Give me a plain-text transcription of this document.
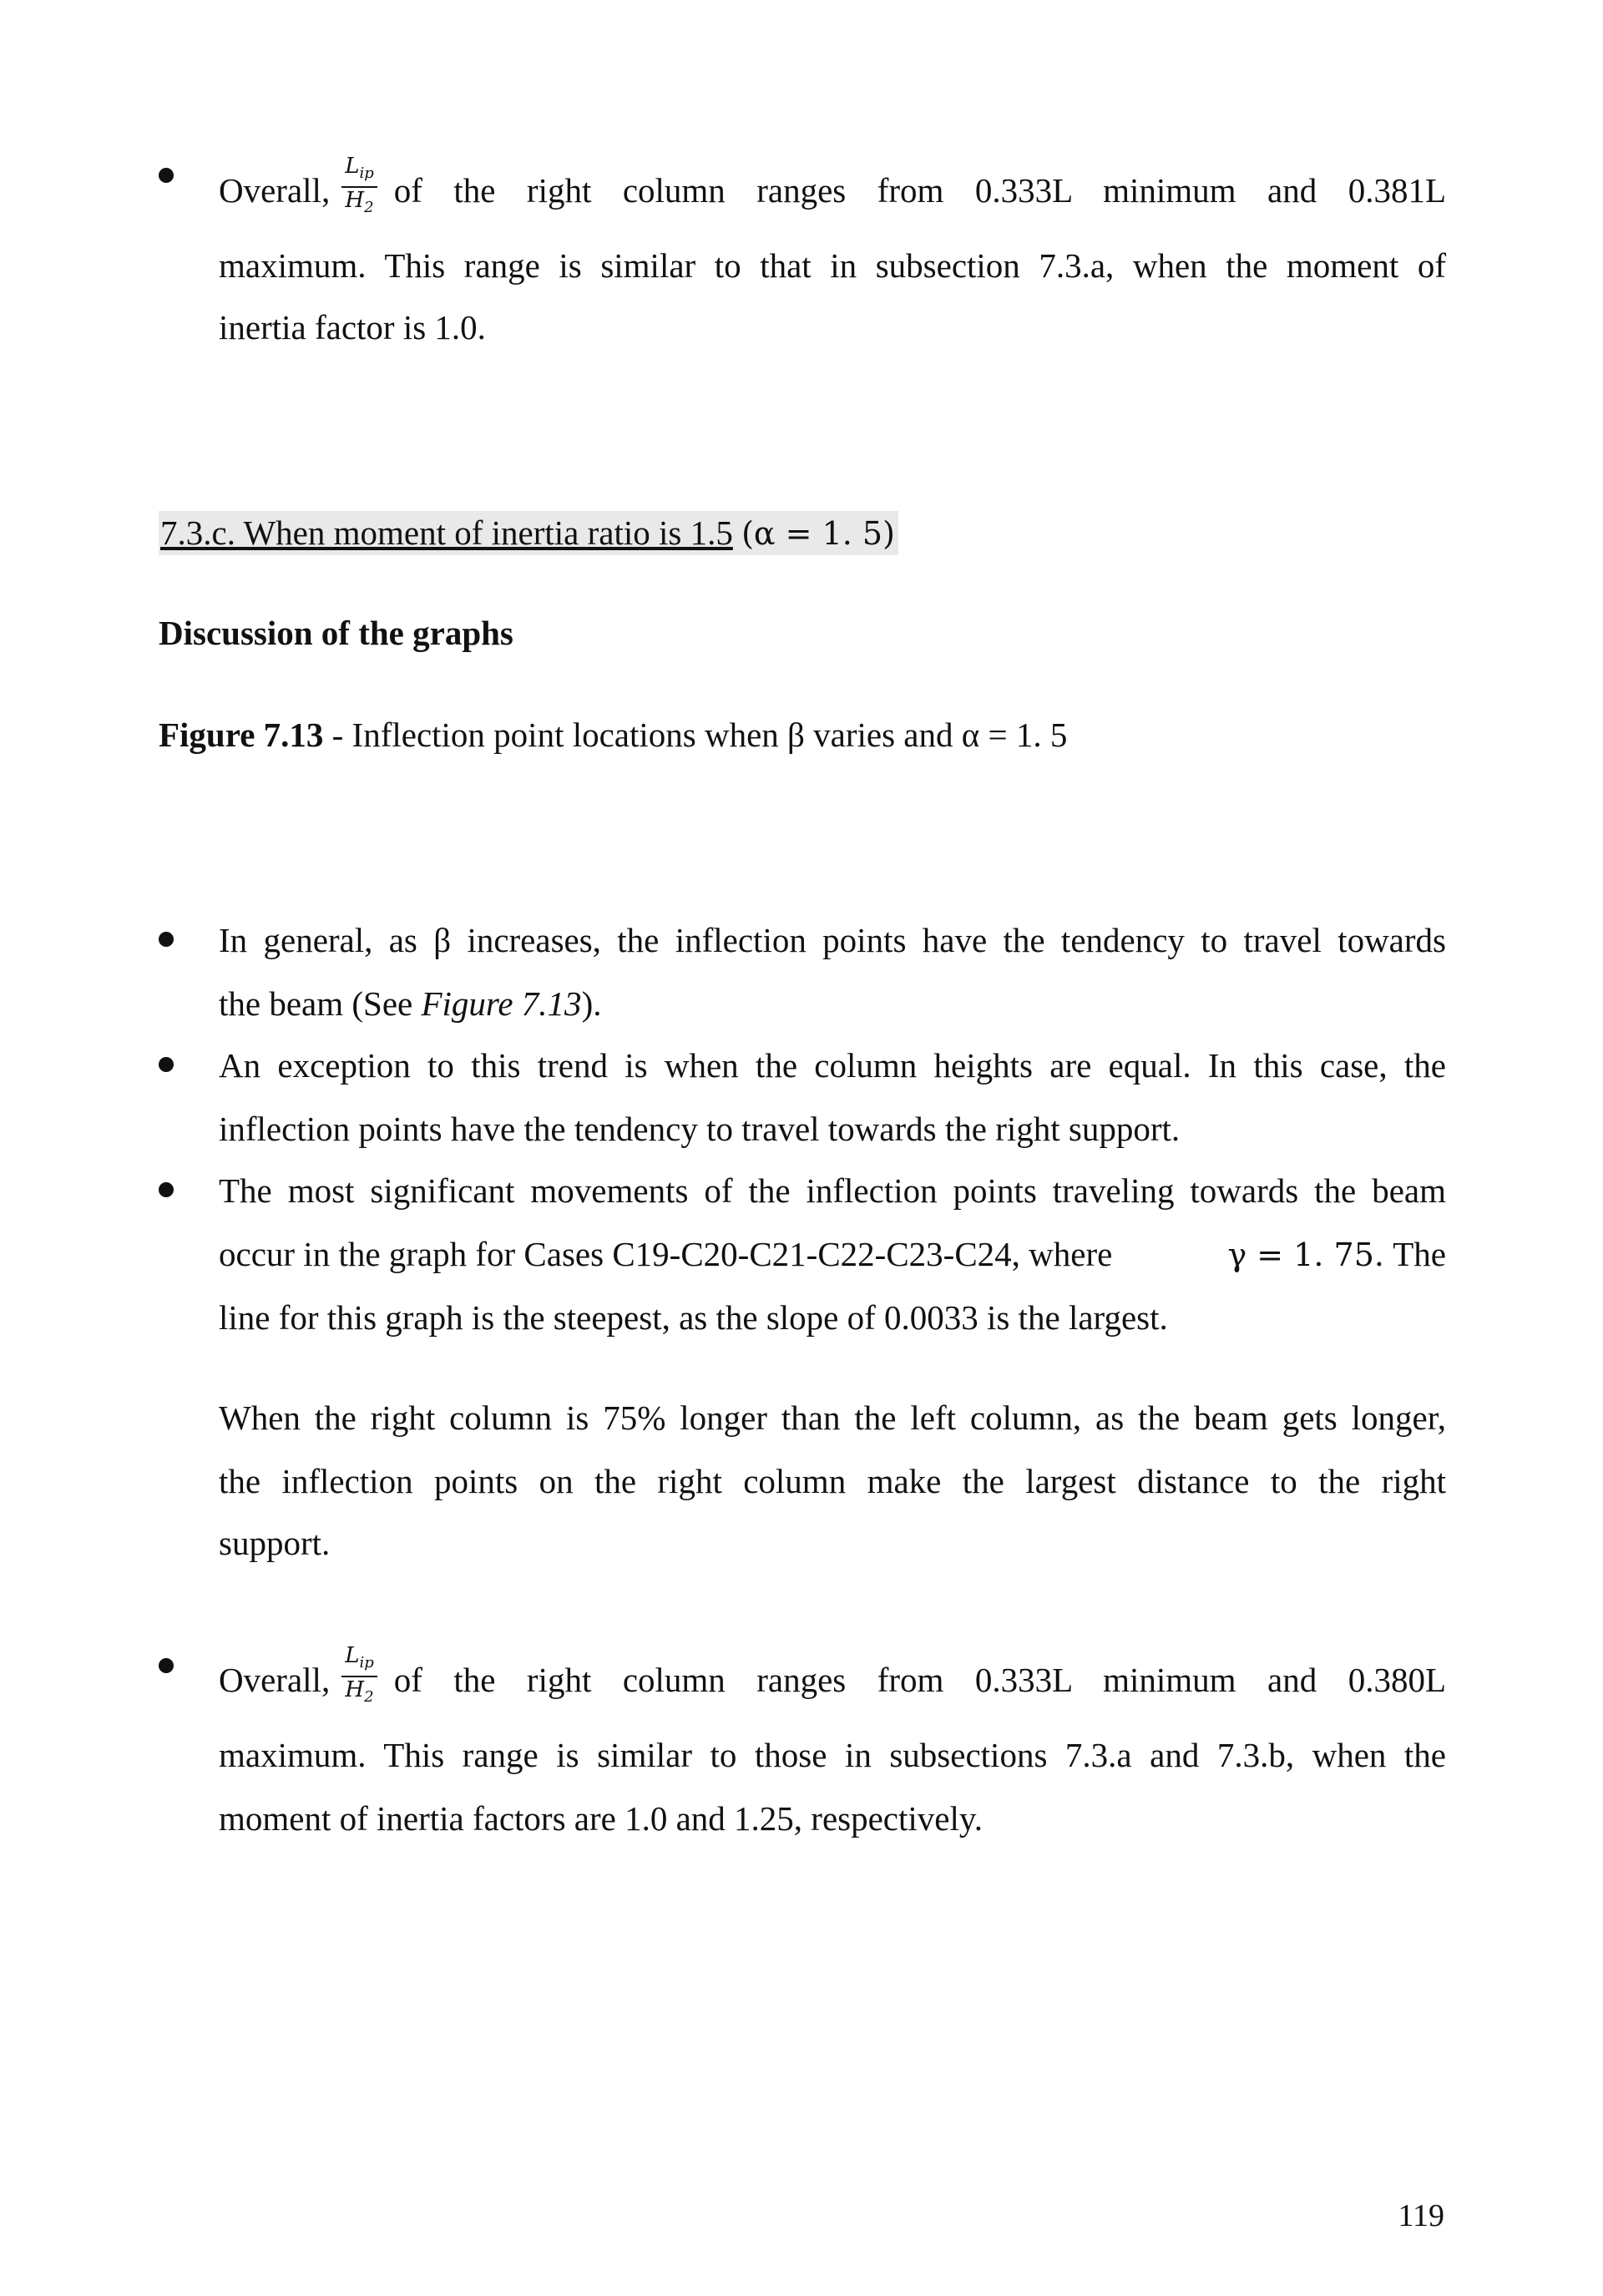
Overall, $\frac{L_{ip}}{H_2}$ of the right column ranges from 0.333L minimum and 0.381L
maximum. This range is similar to that in subsection 7.3.a, when the moment of
inertia factor is 1.0.
7.3.c. When moment of inertia ratio is 1.5 (α = 1. 5)
Discussion of the graphs
Figure 7.13 - Inflection point locations when β varies and α = 1. 5
In general, as β increases, the inflection points have the tendency to travel towards
the beam (See Figure 7.13).
An exception to this trend is when the column heights are equal. In this case, the
inflection points have the tendency to travel towards the right support.
The most significant movements of the inflection points traveling towards the beam
occur in the graph for Cases C19-C20-C21-C22-C23-C24, where	γ = 1. 75. The
line for this graph is the steepest, as the slope of 0.0033 is the largest.
When the right column is 75% longer than the left column, as the beam gets longer,
the inflection points on the right column make the largest distance to the right
support.
Overall, $\frac{L_{ip}}{H_2}$ of the right column ranges from 0.333L minimum and 0.380L
maximum. This range is similar to those in subsections 7.3.a and 7.3.b, when the
moment of inertia factors are 1.0 and 1.25, respectively.
119
